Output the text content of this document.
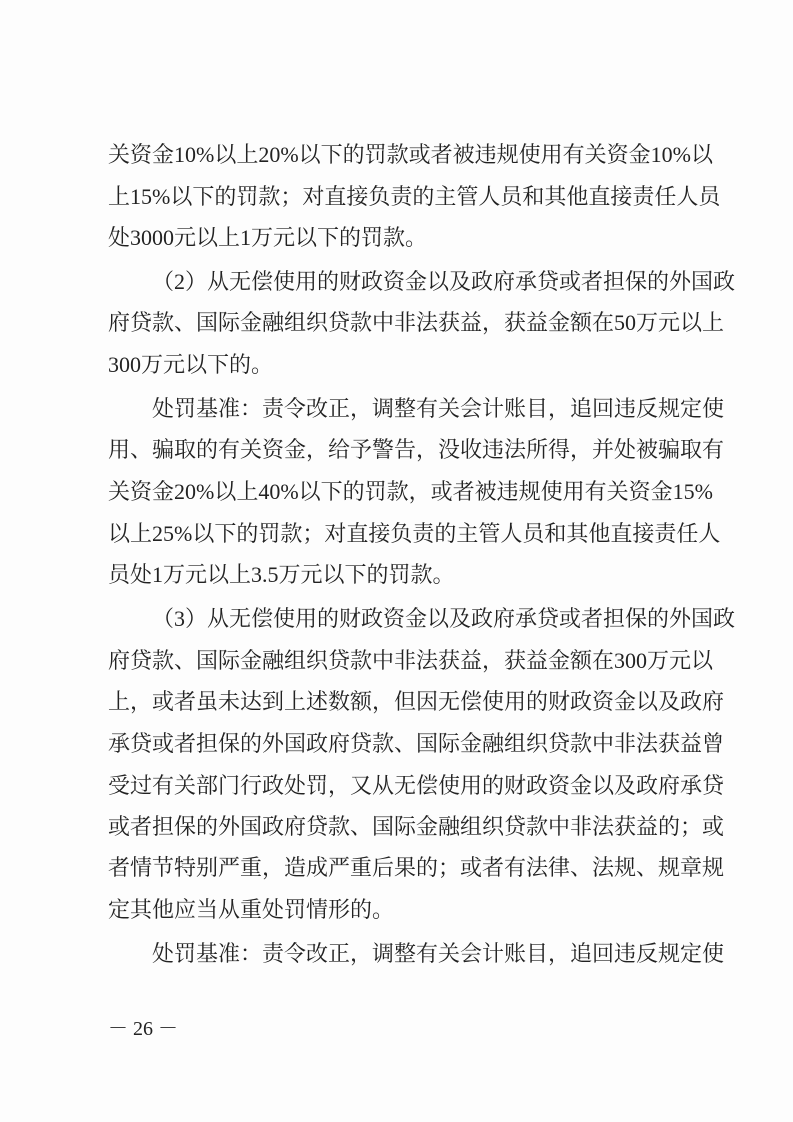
关资金10%以上20%以下的罚款或者被违规使用有关资金10%以
上15%以下的罚款；对直接负责的主管人员和其他直接责任人员
处3000元以上1万元以下的罚款。
（2）从无偿使用的财政资金以及政府承贷或者担保的外国政
府贷款、国际金融组织贷款中非法获益，获益金额在50万元以上
300万元以下的。
处罚基准：责令改正，调整有关会计账目，追回违反规定使
用、骗取的有关资金，给予警告，没收违法所得，并处被骗取有
关资金20%以上40%以下的罚款，或者被违规使用有关资金15%
以上25%以下的罚款；对直接负责的主管人员和其他直接责任人
员处1万元以上3.5万元以下的罚款。
（3）从无偿使用的财政资金以及政府承贷或者担保的外国政
府贷款、国际金融组织贷款中非法获益，获益金额在300万元以
上，或者虽未达到上述数额，但因无偿使用的财政资金以及政府
承贷或者担保的外国政府贷款、国际金融组织贷款中非法获益曾
受过有关部门行政处罚，又从无偿使用的财政资金以及政府承贷
或者担保的外国政府贷款、国际金融组织贷款中非法获益的；或
者情节特别严重，造成严重后果的；或者有法律、法规、规章规
定其他应当从重处罚情形的。
处罚基准：责令改正，调整有关会计账目，追回违反规定使
－ 26 －
